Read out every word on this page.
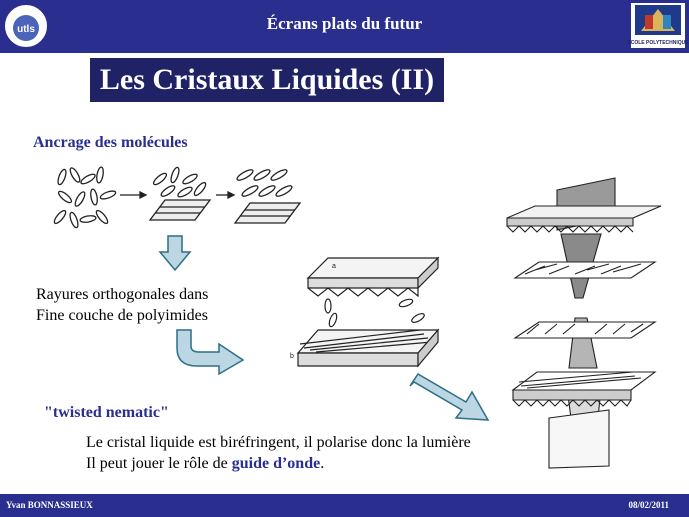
utls	Écrans plats du futur
ÉCOLE POLYTECHNIQUE
Les Cristaux Liquides (II)
Ancrage des molécules
Rayures orthogonales dans
Fine couche de polyimides
a
b
"twisted nematic"
Le cristal liquide est biréfringent, il polarise donc la lumière
Il peut jouer le rôle de guide d’onde.
Yvan BONNASSIEUX	08/02/2011
